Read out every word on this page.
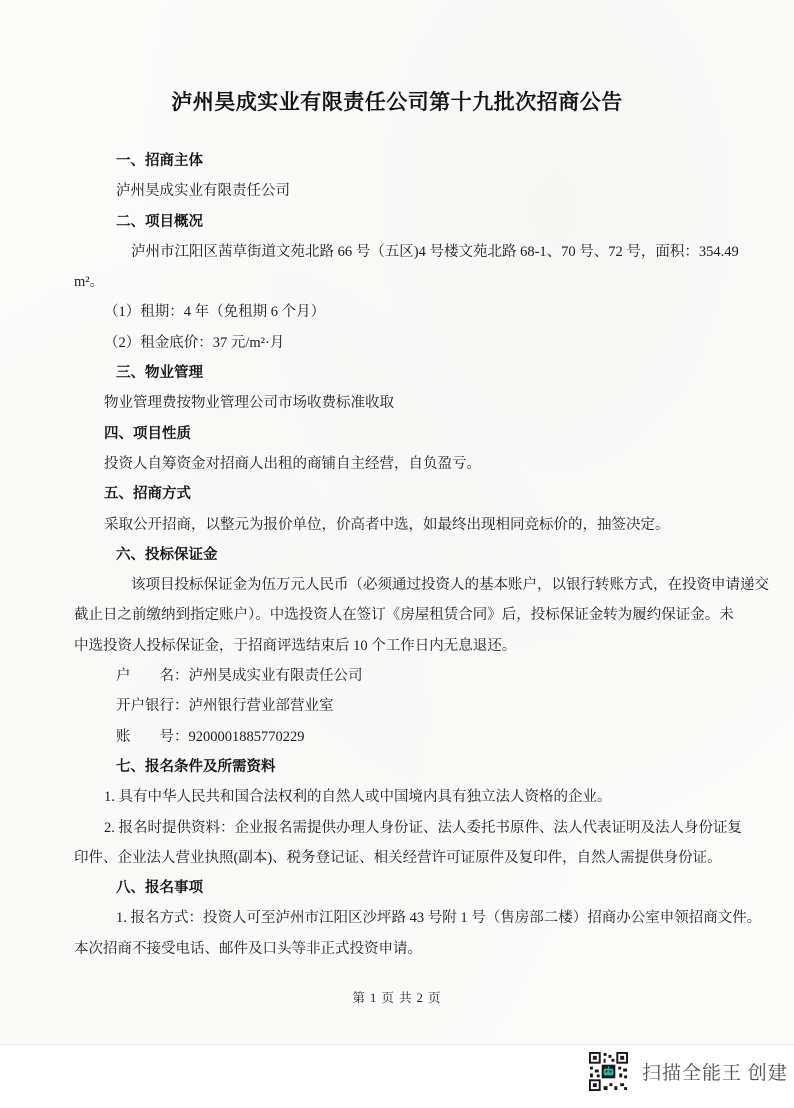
泸州昊成实业有限责任公司第十九批次招商公告
一、招商主体
泸州昊成实业有限责任公司
二、项目概况
泸州市江阳区茜草街道文苑北路 66 号（五区)4 号楼文苑北路 68-1、70 号、72 号，面积：354.49
m²。
（1）租期：4 年（免租期 6 个月）
（2）租金底价：37 元/m²·月
三、物业管理
物业管理费按物业管理公司市场收费标准收取
四、项目性质
投资人自筹资金对招商人出租的商铺自主经营，自负盈亏。
五、招商方式
采取公开招商，以整元为报价单位，价高者中选，如最终出现相同竞标价的，抽签决定。
六、投标保证金
该项目投标保证金为伍万元人民币（必须通过投资人的基本账户，以银行转账方式，在投资申请递交
截止日之前缴纳到指定账户）。中选投资人在签订《房屋租赁合同》后，投标保证金转为履约保证金。未
中选投资人投标保证金，于招商评选结束后 10 个工作日内无息退还。
户　　名：泸州昊成实业有限责任公司
开户银行：泸州银行营业部营业室
账　　号：9200001885770229
七、报名条件及所需资料
1. 具有中华人民共和国合法权利的自然人或中国境内具有独立法人资格的企业。
2. 报名时提供资料：企业报名需提供办理人身份证、法人委托书原件、法人代表证明及法人身份证复
印件、企业法人营业执照(副本)、税务登记证、相关经营许可证原件及复印件，自然人需提供身份证。
八、报名事项
1. 报名方式：投资人可至泸州市江阳区沙坪路 43 号附 1 号（售房部二楼）招商办公室申领招商文件。
本次招商不接受电话、邮件及口头等非正式投资申请。
第 1 页 共 2 页
扫描全能王 创建
